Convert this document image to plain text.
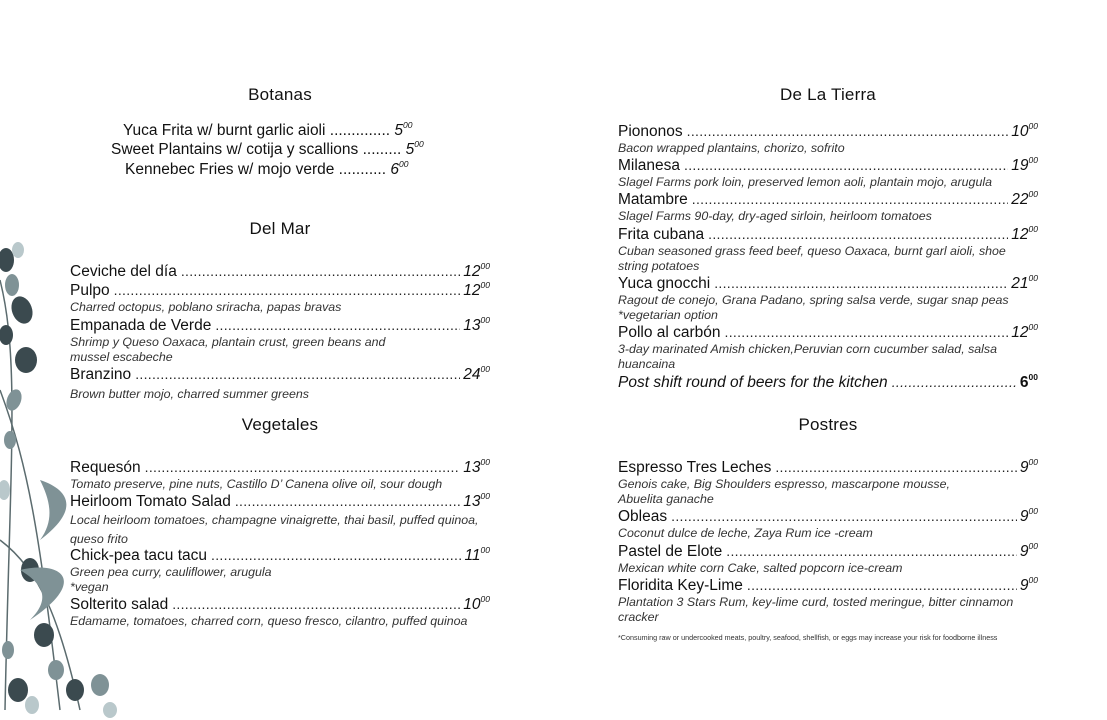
Botanas
Yuca Frita w/ burnt garlic aioli .............. $5^{00}$
Sweet Plantains w/ cotija y scallions ......... $5^{00}$
Kennebec Fries w/ mojo verde ........... $6^{00}$
Del Mar
Ceviche del día .....	$12^{00}$
Pulpo .....	$12^{00}$
Charred octopus, poblano sriracha, papas bravas
Empanada de Verde .....	$13^{00}$
Shrimp y Queso Oaxaca, plantain crust, green beans and mussel escabeche
Branzino .....	$24^{00}$
Brown butter mojo, charred summer greens
Vegetales
Requesón .....	$13^{00}$
Tomato preserve, pine nuts, Castillo D’ Canena olive oil, sour dough
Heirloom Tomato Salad .....	$13^{00}$
Local heirloom tomatoes, champagne vinaigrette, thai basil, puffed quinoa, queso frito
Chick-pea tacu tacu .....	$11^{00}$
Green pea curry, cauliflower, arugula
*vegan
Solterito salad .....	$10^{00}$
Edamame, tomatoes, charred corn, queso fresco, cilantro, puffed quinoa
De La Tierra
Piononos .....	$10^{00}$
Bacon wrapped plantains, chorizo, sofrito
Milanesa .....	$19^{00}$
Slagel Farms pork loin, preserved lemon aoli, plantain mojo, arugula
Matambre .....	$22^{00}$
Slagel Farms 90-day, dry-aged sirloin, heirloom tomatoes
Frita cubana .....	$12^{00}$
Cuban seasoned grass feed beef, queso Oaxaca, burnt garl aioli, shoe string potatoes
Yuca gnocchi .....	$21^{00}$
Ragout de conejo, Grana Padano, spring salsa verde, sugar snap peas
*vegetarian option
Pollo al carbón .....	$12^{00}$
3-day marinated Amish chicken,Peruvian corn cucumber salad, salsa huancaina
Post shift round of beers for the kitchen .....	$6^{00}$
Postres
Espresso Tres Leches .....	$9^{00}$
Genois cake, Big Shoulders espresso, mascarpone mousse, Abuelita ganache
Obleas .....	$9^{00}$
Coconut dulce de leche, Zaya Rum ice -cream
Pastel de Elote .....	$9^{00}$
Mexican white corn Cake, salted popcorn ice-cream
Floridita Key-Lime .....	$9^{00}$
Plantation 3 Stars Rum, key-lime curd, tosted meringue, bitter cinnamon cracker
*Consuming raw or undercooked meats, poultry, seafood, shellfish, or eggs may increase your risk for foodborne illness
